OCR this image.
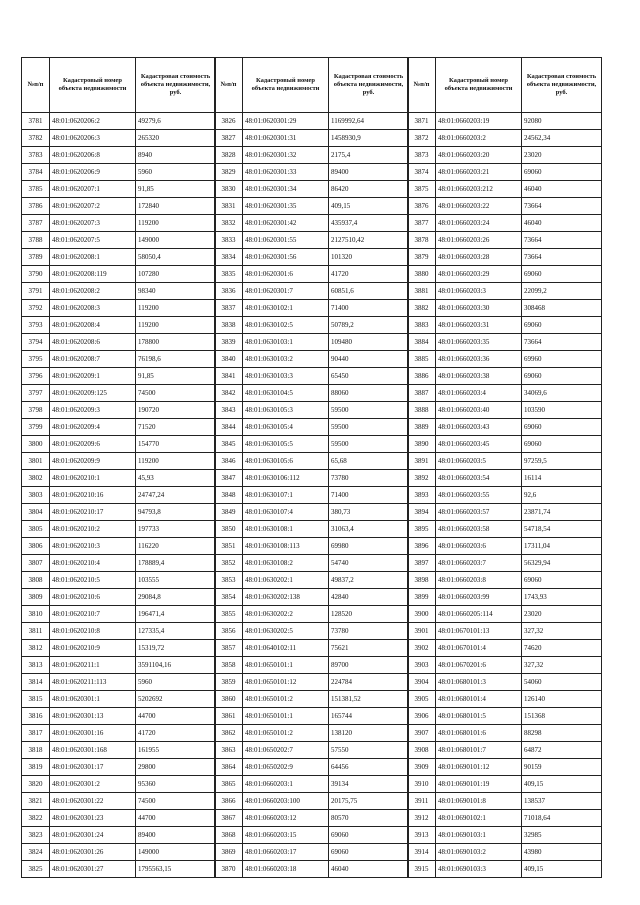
№п/п	Кадастровый номер объекта недвижимости	Кадастровая стоимость объекта недвижимости, руб.
3781	48:01:0620206:2	49279,6
3782	48:01:0620206:3	265320
3783	48:01:0620206:8	8940
3784	48:01:0620206:9	5960
3785	48:01:0620207:1	91,85
3786	48:01:0620207:2	172840
3787	48:01:0620207:3	119200
3788	48:01:0620207:5	149000
3789	48:01:0620208:1	58050,4
3790	48:01:0620208:119	107280
3791	48:01:0620208:2	98340
3792	48:01:0620208:3	119200
3793	48:01:0620208:4	119200
3794	48:01:0620208:6	178800
3795	48:01:0620208:7	76198,6
3796	48:01:0620209:1	91,85
3797	48:01:0620209:125	74500
3798	48:01:0620209:3	190720
3799	48:01:0620209:4	71520
3800	48:01:0620209:6	154770
3801	48:01:0620209:9	119200
3802	48:01:0620210:1	45,93
3803	48:01:0620210:16	24747,24
3804	48:01:0620210:17	94793,8
3805	48:01:0620210:2	197733
3806	48:01:0620210:3	116220
3807	48:01:0620210:4	178889,4
3808	48:01:0620210:5	103555
3809	48:01:0620210:6	29084,8
3810	48:01:0620210:7	196471,4
3811	48:01:0620210:8	127335,4
3812	48:01:0620210:9	15319,72
3813	48:01:0620211:1	3591104,16
3814	48:01:0620211:113	5960
3815	48:01:0620301:1	5202692
3816	48:01:0620301:13	44700
3817	48:01:0620301:16	41720
3818	48:01:0620301:168	161955
3819	48:01:0620301:17	29800
3820	48:01:0620301:2	95360
3821	48:01:0620301:22	74500
3822	48:01:0620301:23	44700
3823	48:01:0620301:24	89400
3824	48:01:0620301:26	149000
3825	48:01:0620301:27	1795563,15
№п/п	Кадастровый номер объекта недвижимости	Кадастровая стоимость объекта недвижимости, руб.
3826	48:01:0620301:29	1169992,64
3827	48:01:0620301:31	1458930,9
3828	48:01:0620301:32	2175,4
3829	48:01:0620301:33	89400
3830	48:01:0620301:34	86420
3831	48:01:0620301:35	409,15
3832	48:01:0620301:42	435937,4
3833	48:01:0620301:55	2127510,42
3834	48:01:0620301:56	101320
3835	48:01:0620301:6	41720
3836	48:01:0620301:7	60851,6
3837	48:01:0630102:1	71400
3838	48:01:0630102:5	50789,2
3839	48:01:0630103:1	109480
3840	48:01:0630103:2	90440
3841	48:01:0630103:3	65450
3842	48:01:0630104:5	88060
3843	48:01:0630105:3	59500
3844	48:01:0630105:4	59500
3845	48:01:0630105:5	59500
3846	48:01:0630105:6	65,68
3847	48:01:0630106:112	73780
3848	48:01:0630107:1	71400
3849	48:01:0630107:4	380,73
3850	48:01:0630108:1	31063,4
3851	48:01:0630108:113	69980
3852	48:01:0630108:2	54740
3853	48:01:0630202:1	49837,2
3854	48:01:0630202:138	42840
3855	48:01:0630202:2	128520
3856	48:01:0630202:5	73780
3857	48:01:0640102:11	75621
3858	48:01:0650101:1	89700
3859	48:01:0650101:12	224784
3860	48:01:0650101:2	151381,52
3861	48:01:0650101:1	165744
3862	48:01:0650101:2	138120
3863	48:01:0650202:7	57550
3864	48:01:0650202:9	64456
3865	48:01:0660203:1	39134
3866	48:01:0660203:100	20175,75
3867	48:01:0660203:12	80570
3868	48:01:0660203:15	69060
3869	48:01:0660203:17	69060
3870	48:01:0660203:18	46040
№п/п	Кадастровый номер объекта недвижимости	Кадастровая стоимость объекта недвижимости, руб.
3871	48:01:0660203:19	92080
3872	48:01:0660203:2	24562,34
3873	48:01:0660203:20	23020
3874	48:01:0660203:21	69060
3875	48:01:0660203:212	46040
3876	48:01:0660203:22	73664
3877	48:01:0660203:24	46040
3878	48:01:0660203:26	73664
3879	48:01:0660203:28	73664
3880	48:01:0660203:29	69060
3881	48:01:0660203:3	22099,2
3882	48:01:0660203:30	308468
3883	48:01:0660203:31	69060
3884	48:01:0660203:35	73664
3885	48:01:0660203:36	69960
3886	48:01:0660203:38	69060
3887	48:01:0660203:4	34069,6
3888	48:01:0660203:40	103590
3889	48:01:0660203:43	69060
3890	48:01:0660203:45	69060
3891	48:01:0660203:5	97259,5
3892	48:01:0660203:54	16114
3893	48:01:0660203:55	92,6
3894	48:01:0660203:57	23871,74
3895	48:01:0660203:58	54718,54
3896	48:01:0660203:6	17311,04
3897	48:01:0660203:7	56329,94
3898	48:01:0660203:8	69060
3899	48:01:0660203:99	1743,93
3900	48:01:0660205:114	23020
3901	48:01:0670101:13	327,32
3902	48:01:0670101:4	74620
3903	48:01:0670201:6	327,32
3904	48:01:0680101:3	54060
3905	48:01:0680101:4	126140
3906	48:01:0680101:5	151368
3907	48:01:0680101:6	88298
3908	48:01:0680101:7	64872
3909	48:01:0690101:12	90159
3910	48:01:0690101:19	409,15
3911	48:01:0690101:8	138537
3912	48:01:0690102:1	71018,64
3913	48:01:0690103:1	32985
3914	48:01:0690103:2	43980
3915	48:01:0690103:3	409,15
